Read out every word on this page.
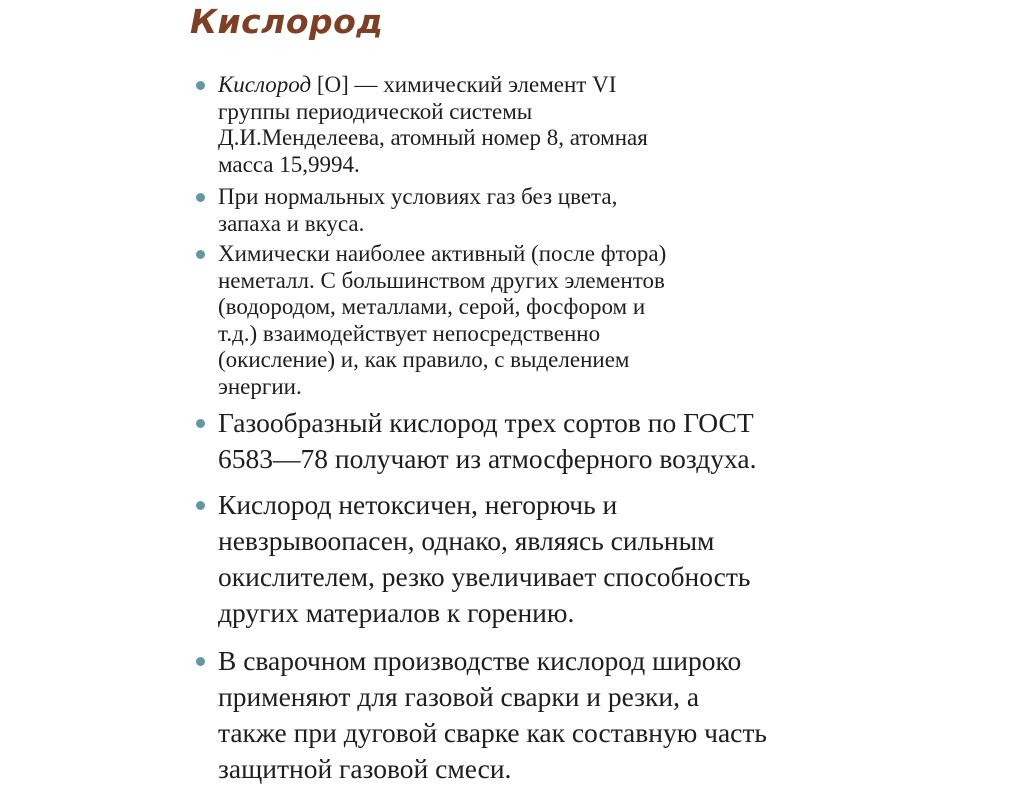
Кислород
Кислород [O] — химический элемент VI
группы периодической системы
Д.И.Менделеева, атомный номер 8, атомная
масса 15,9994.
При нормальных условиях газ без цвета,
запаха и вкуса.
Химически наиболее активный (после фтора)
неметалл. С большинством других элементов
(водородом, металлами, серой, фосфором и
т.д.) взаимодействует непосредственно
(окисление) и, как правило, с выделением
энергии.
Газообразный кислород трех сортов по ГОСТ
6583—78 получают из атмосферного воздуха.
Кислород нетоксичен, негорючь и
невзрывоопасен, однако, являясь сильным
окислителем, резко увеличивает способность
других материалов к горению.
В сварочном производстве кислород широко
применяют для газовой сварки и резки, а
также при дуговой сварке как составную часть
защитной газовой смеси.
